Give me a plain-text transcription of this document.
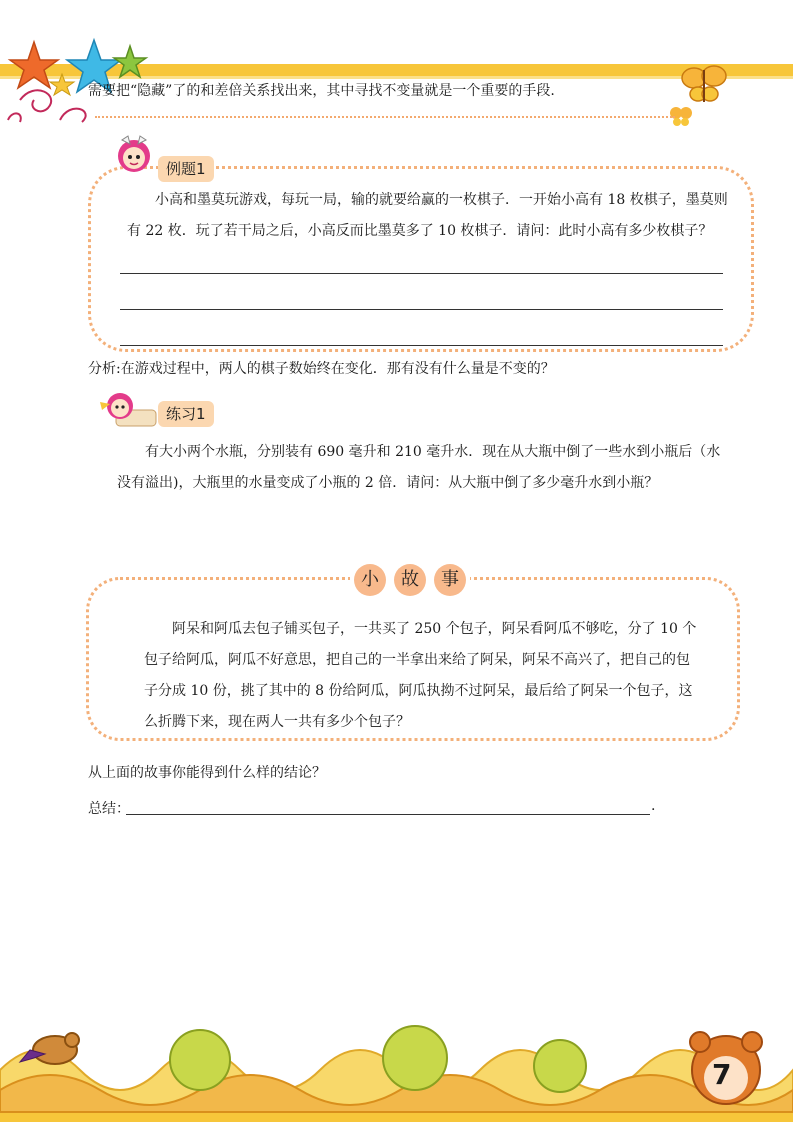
需要把“隐藏”了的和差倍关系找出来，其中寻找不变量就是一个重要的手段.
例题1
小高和墨莫玩游戏，每玩一局，输的就要给赢的一枚棋子．一开始小高有 18 枚棋子，墨莫则
有 22 枚．玩了若干局之后，小高反而比墨莫多了 10 枚棋子．请问：此时小高有多少枚棋子？
分析:在游戏过程中，两人的棋子数始终在变化．那有没有什么量是不变的？
练习1
有大小两个水瓶，分别装有 690 毫升和 210 毫升水．现在从大瓶中倒了一些水到小瓶后（水
没有溢出)，大瓶里的水量变成了小瓶的 2 倍．请问：从大瓶中倒了多少毫升水到小瓶？
小	故	事
阿呆和阿瓜去包子铺买包子，一共买了 250 个包子，阿呆看阿瓜不够吃，分了 10 个
包子给阿瓜，阿瓜不好意思，把自己的一半拿出来给了阿呆，阿呆不高兴了，把自己的包
子分成 10 份，挑了其中的 8 份给阿瓜，阿瓜执拗不过阿呆，最后给了阿呆一个包子，这
么折腾下来，现在两人一共有多少个包子？
从上面的故事你能得到什么样的结论？
总结：	.
7
